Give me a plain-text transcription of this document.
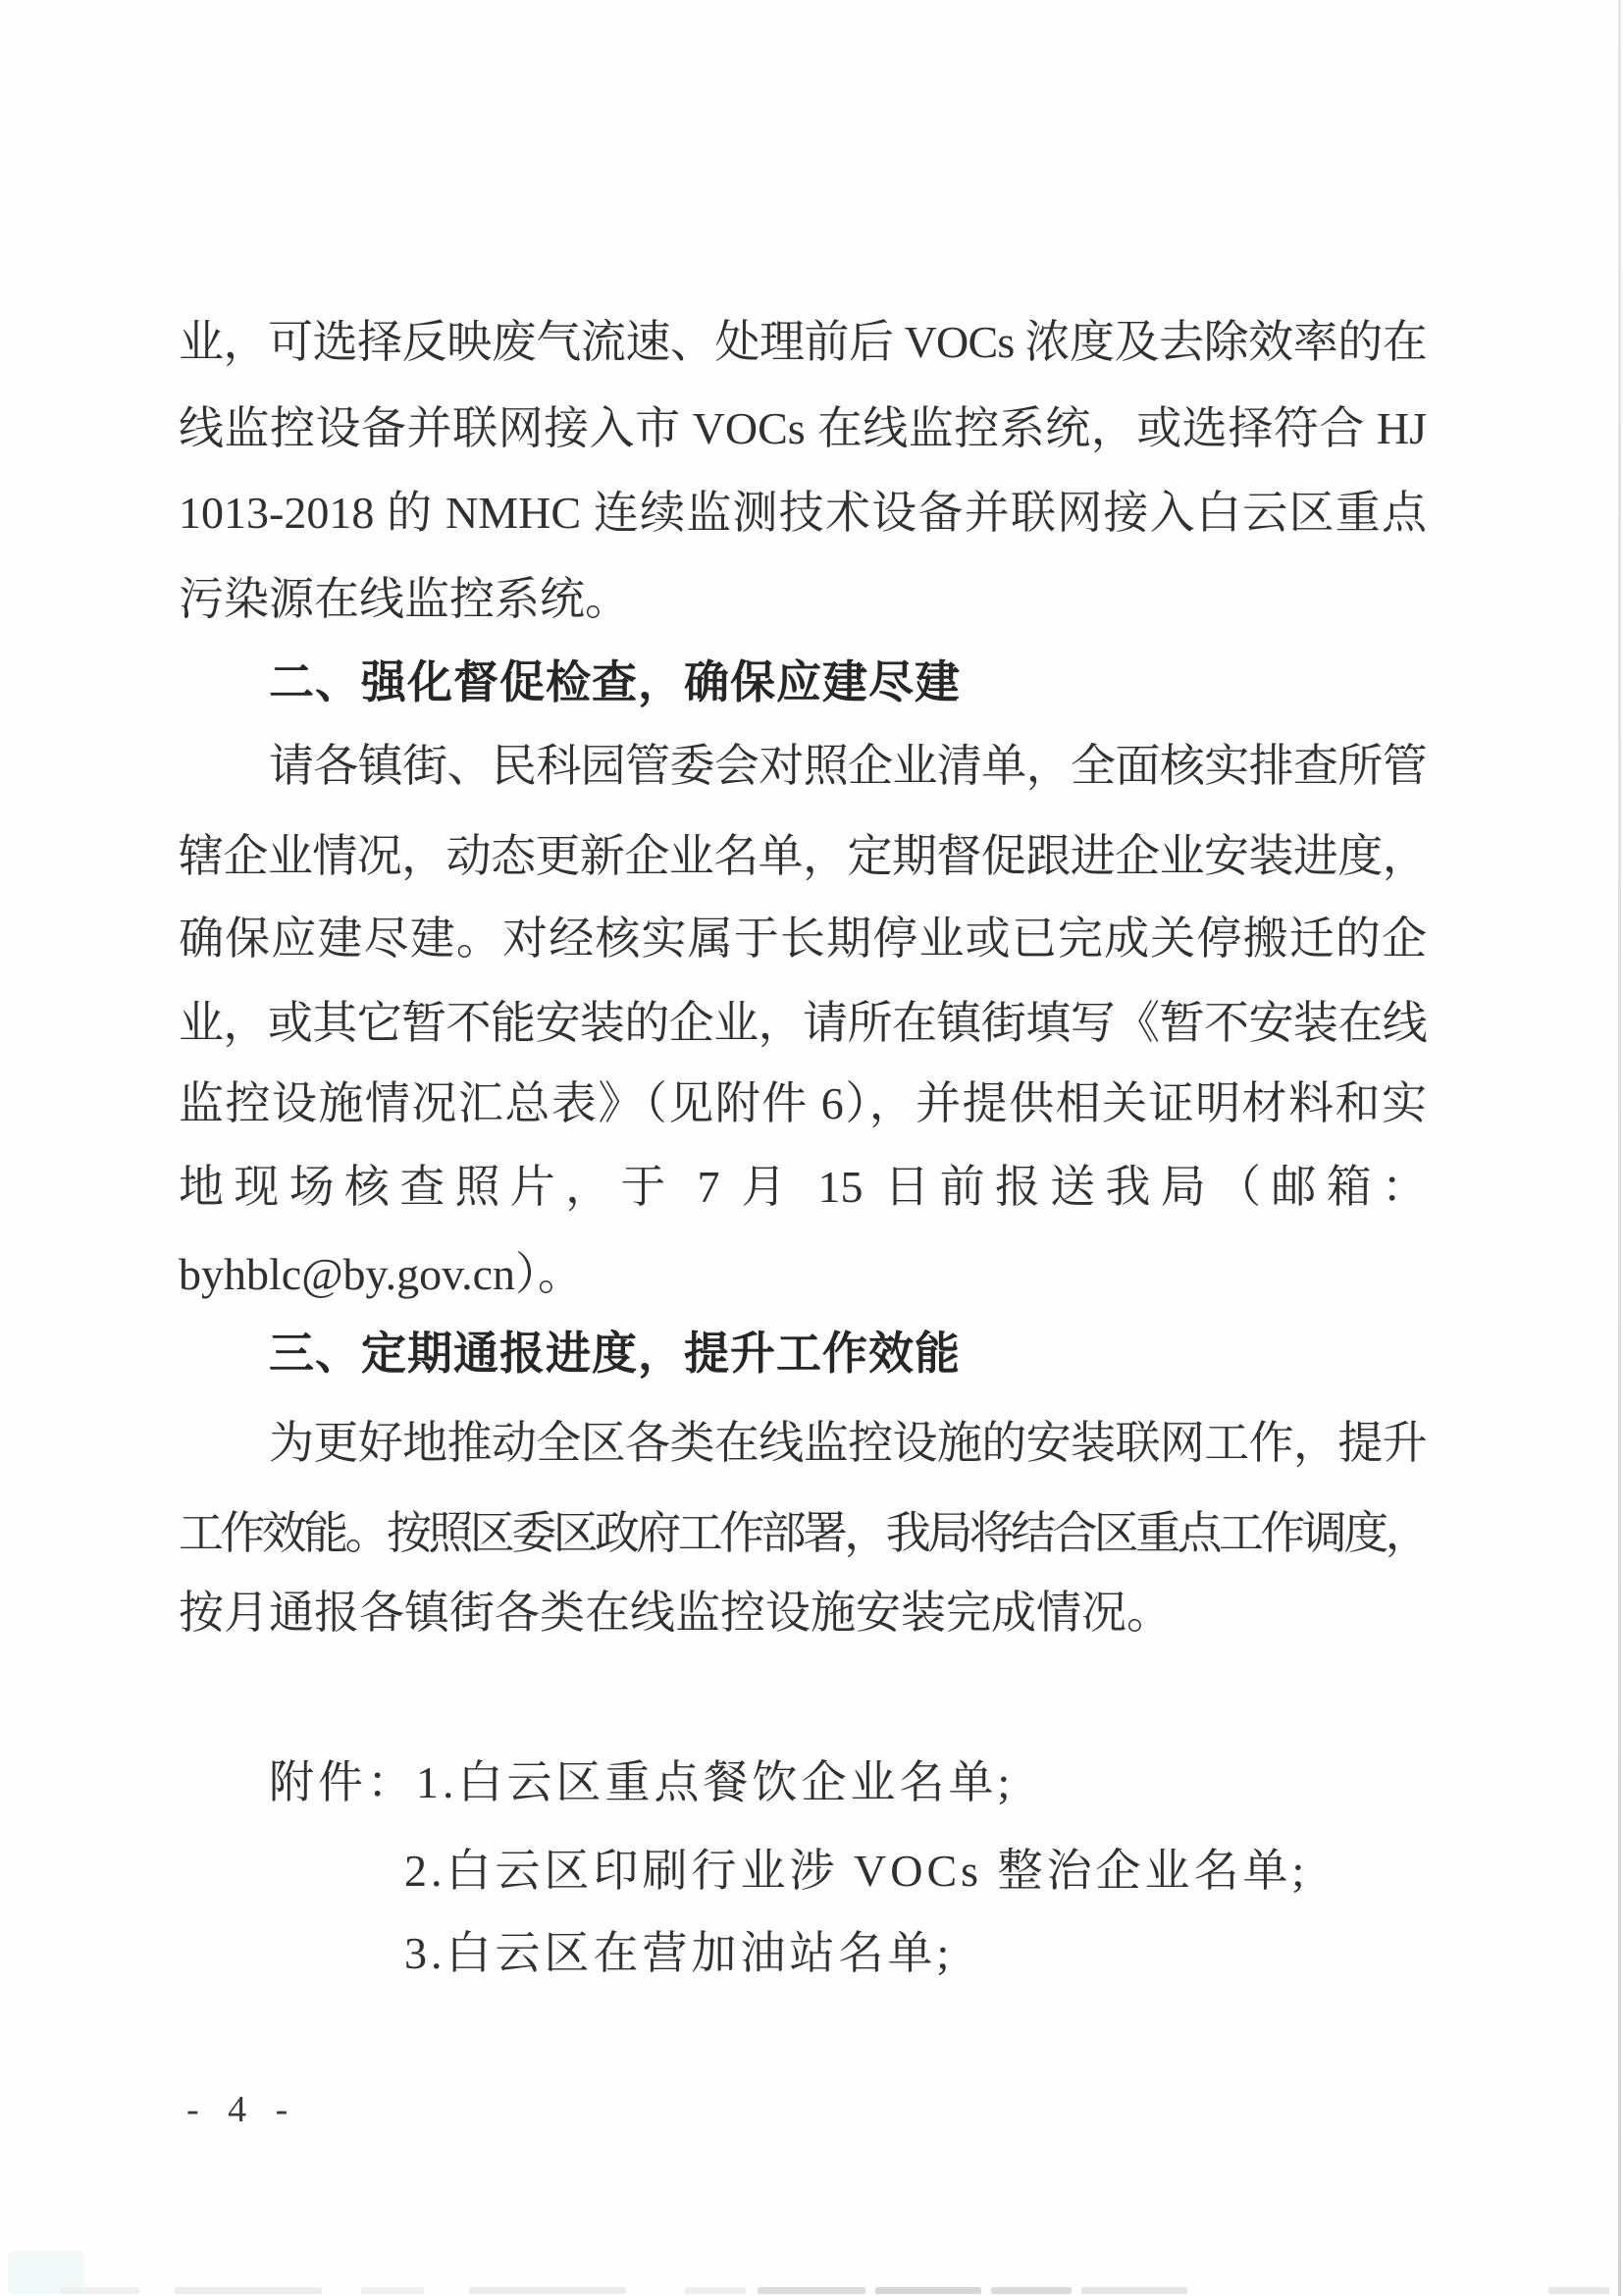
业，可选择反映废气流速、处理前后 VOCs 浓度及去除效率的在
线监控设备并联网接入市 VOCs 在线监控系统，或选择符合 HJ
1013-2018 的 NMHC 连续监测技术设备并联网接入白云区重点
污染源在线监控系统。
二、强化督促检查，确保应建尽建
请各镇街、民科园管委会对照企业清单，全面核实排查所管
辖企业情况，动态更新企业名单，定期督促跟进企业安装进度，
确保应建尽建。对经核实属于长期停业或已完成关停搬迁的企
业，或其它暂不能安装的企业，请所在镇街填写《暂不安装在线
监控设施情况汇总表》（见附件 6），并提供相关证明材料和实
地现场核查照片，于 7 月 15 日前报送我局（邮箱：
byhblc@by.gov.cn）。
三、定期通报进度，提升工作效能
为更好地推动全区各类在线监控设施的安装联网工作，提升
工作效能。按照区委区政府工作部署，我局将结合区重点工作调度，
按月通报各镇街各类在线监控设施安装完成情况。
附件：1.白云区重点餐饮企业名单;
2.白云区印刷行业涉 VOCs 整治企业名单;
3.白云区在营加油站名单;
- 4 -
